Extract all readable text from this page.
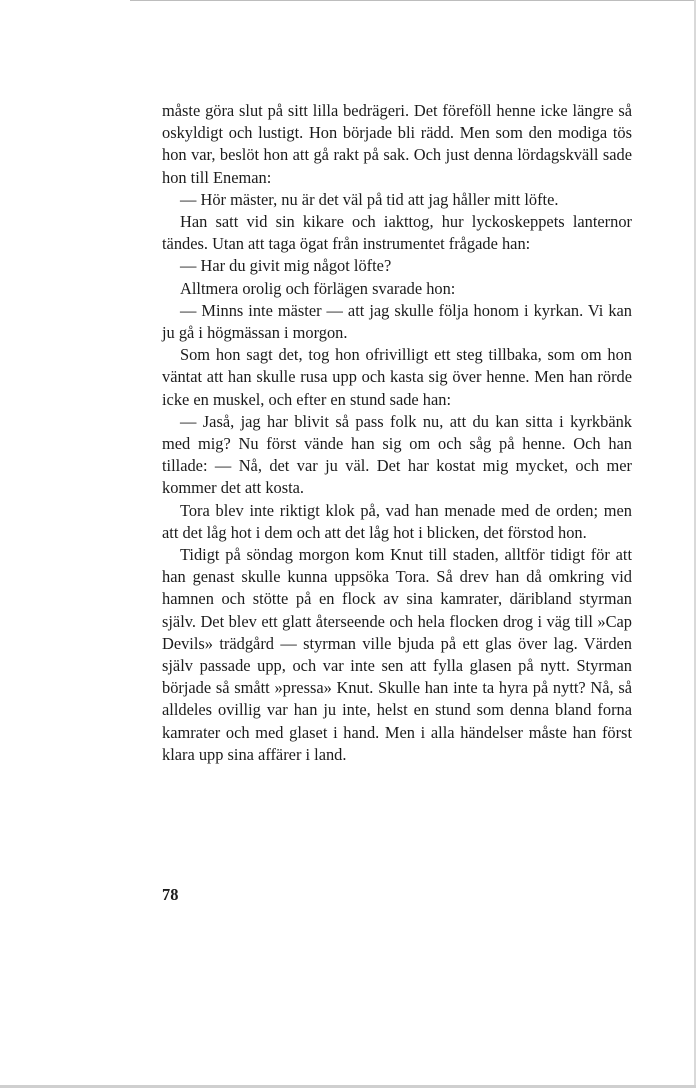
måste göra slut på sitt lilla bedrägeri. Det föreföll henne icke längre så oskyldigt och lustigt. Hon började bli rädd. Men som den modiga tös hon var, beslöt hon att gå rakt på sak. Och just denna lördagskväll sade hon till Eneman:

— Hör mäster, nu är det väl på tid att jag håller mitt löfte.

Han satt vid sin kikare och iakttog, hur lyckoskeppets lanternor tändes. Utan att taga ögat från instrumentet frågade han:

— Har du givit mig något löfte?

Alltmera orolig och förlägen svarade hon:

— Minns inte mäster — att jag skulle följa honom i kyrkan. Vi kan ju gå i högmässan i morgon.

Som hon sagt det, tog hon ofrivilligt ett steg tillbaka, som om hon väntat att han skulle rusa upp och kasta sig över henne. Men han rörde icke en muskel, och efter en stund sade han:

— Jaså, jag har blivit så pass folk nu, att du kan sitta i kyrkbänk med mig? Nu först vände han sig om och såg på henne. Och han tillade: — Nå, det var ju väl. Det har kostat mig mycket, och mer kommer det att kosta.

Tora blev inte riktigt klok på, vad han menade med de orden; men att det låg hot i dem och att det låg hot i blicken, det förstod hon.

Tidigt på söndag morgon kom Knut till staden, alltför tidigt för att han genast skulle kunna uppsöka Tora. Så drev han då omkring vid hamnen och stötte på en flock av sina kamrater, däribland styrman själv. Det blev ett glatt återseende och hela flocken drog i väg till »Cap Devils» trädgård — styrman ville bjuda på ett glas över lag. Värden själv passade upp, och var inte sen att fylla glasen på nytt. Styrman började så smått »pressa» Knut. Skulle han inte ta hyra på nytt? Nå, så alldeles ovillig var han ju inte, helst en stund som denna bland forna kamrater och med glaset i hand. Men i alla händelser måste han först klara upp sina affärer i land.

78
